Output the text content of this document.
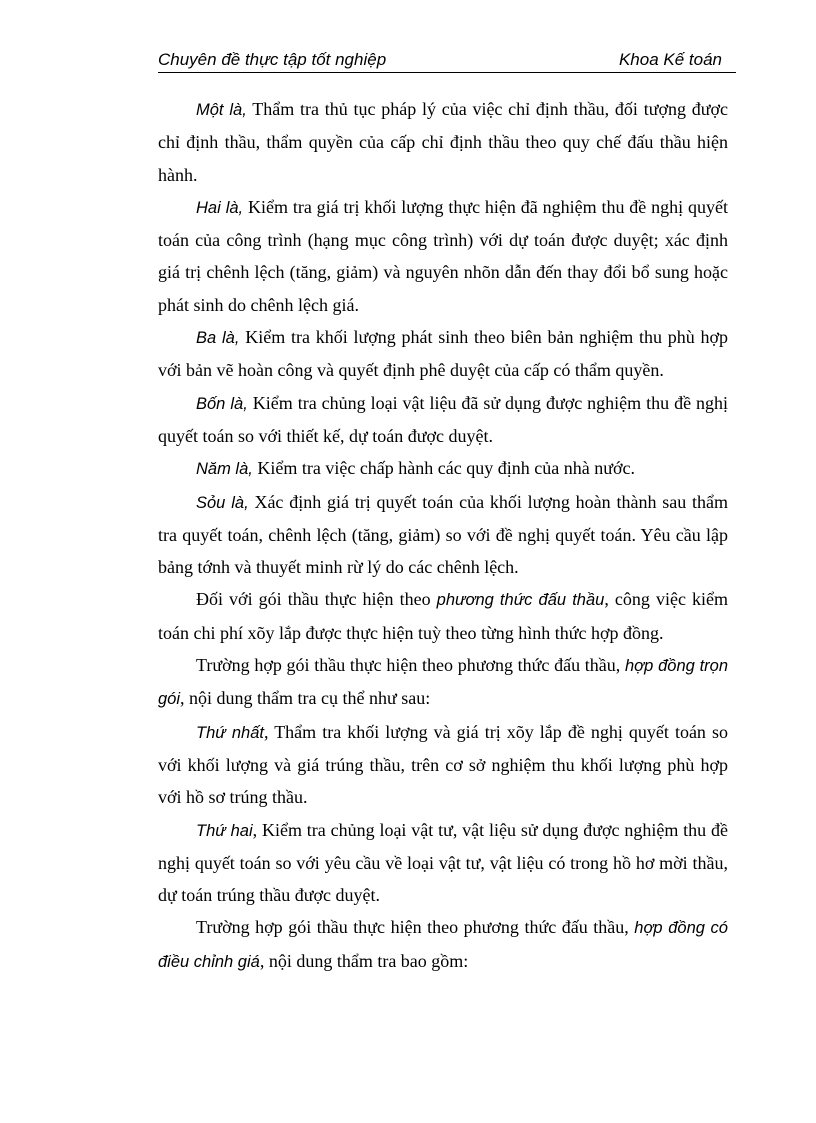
Chuyên đề thực tập tốt nghiệp	Khoa Kế toán

Một là, Thẩm tra thủ tục pháp lý của việc chỉ định thầu, đối tượng được chỉ định thầu, thẩm quyền của cấp chỉ định thầu theo quy chế đấu thầu hiện hành.

Hai là, Kiểm tra giá trị khối lượng thực hiện đã nghiệm thu đề nghị quyết toán của công trình (hạng mục công trình) với dự toán được duyệt; xác định giá trị chênh lệch (tăng, giảm) và nguyên nhõn dẫn đến thay đổi bổ sung hoặc phát sinh do chênh lệch giá.

Ba là, Kiểm tra khối lượng phát sinh theo biên bản nghiệm thu phù hợp với bản vẽ hoàn công và quyết định phê duyệt của cấp có thẩm quyền.

Bốn là, Kiểm tra chủng loại vật liệu đã sử dụng được nghiệm thu đề nghị quyết toán so với thiết kế, dự toán được duyệt.

Năm là, Kiểm tra việc chấp hành các quy định của nhà nước.

Sỏu là, Xác định giá trị quyết toán của khối lượng hoàn thành sau thẩm tra quyết toán, chênh lệch (tăng, giảm) so với đề nghị quyết toán. Yêu cầu lập bảng tớnh và thuyết minh rừ lý do các chênh lệch.

Đối với gói thầu thực hiện theo phương thức đấu thầu, công việc kiểm toán chi phí xõy lắp được thực hiện tuỳ theo từng hình thức hợp đồng.

Trường hợp gói thầu thực hiện theo phương thức đấu thầu, hợp đồng trọn gói, nội dung thẩm tra cụ thể như sau:

Thứ nhất, Thẩm tra khối lượng và giá trị xõy lắp đề nghị quyết toán so với khối lượng và giá trúng thầu, trên cơ sở nghiệm thu khối lượng phù hợp với hồ sơ trúng thầu.

Thứ hai, Kiểm tra chủng loại vật tư, vật liệu sử dụng được nghiệm thu đề nghị quyết toán so với yêu cầu về loại vật tư, vật liệu có trong hồ hơ mời thầu, dự toán trúng thầu được duyệt.

Trường hợp gói thầu thực hiện theo phương thức đấu thầu, hợp đồng có điều chỉnh giá, nội dung thẩm tra bao gồm:
